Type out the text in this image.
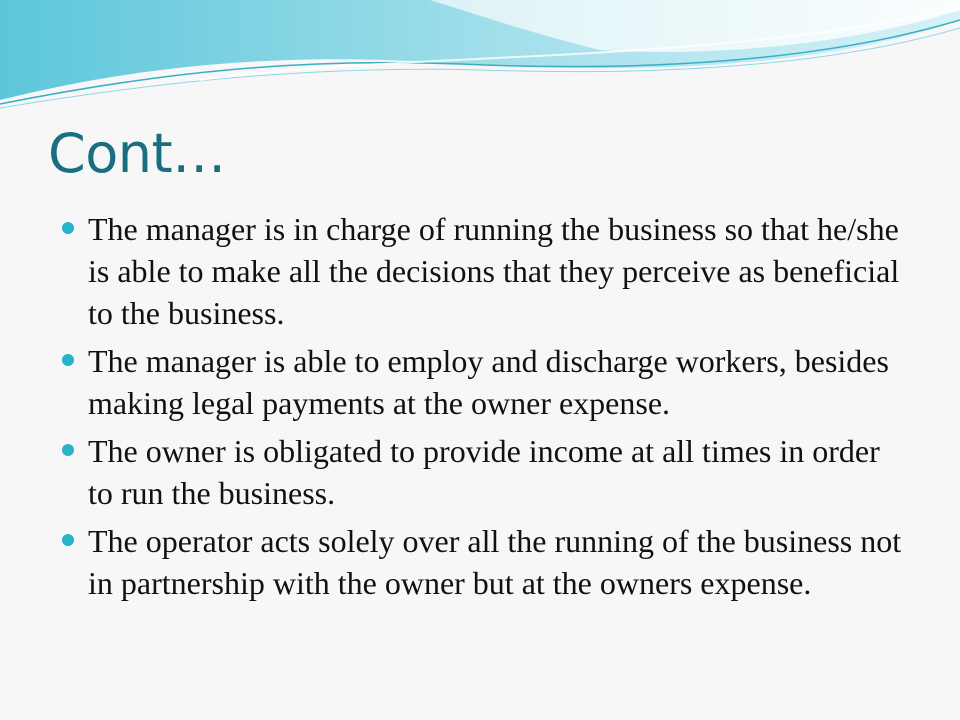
Cont…
The manager is in charge of running the business so that he/she is able to make all the decisions that they perceive as beneficial to the business.
The manager is able to employ and discharge workers, besides making legal payments at the owner expense.
The owner is obligated to provide income at all times in order to run the business.
The operator acts solely over all the running of the business not in partnership with the owner but at the owners expense.
